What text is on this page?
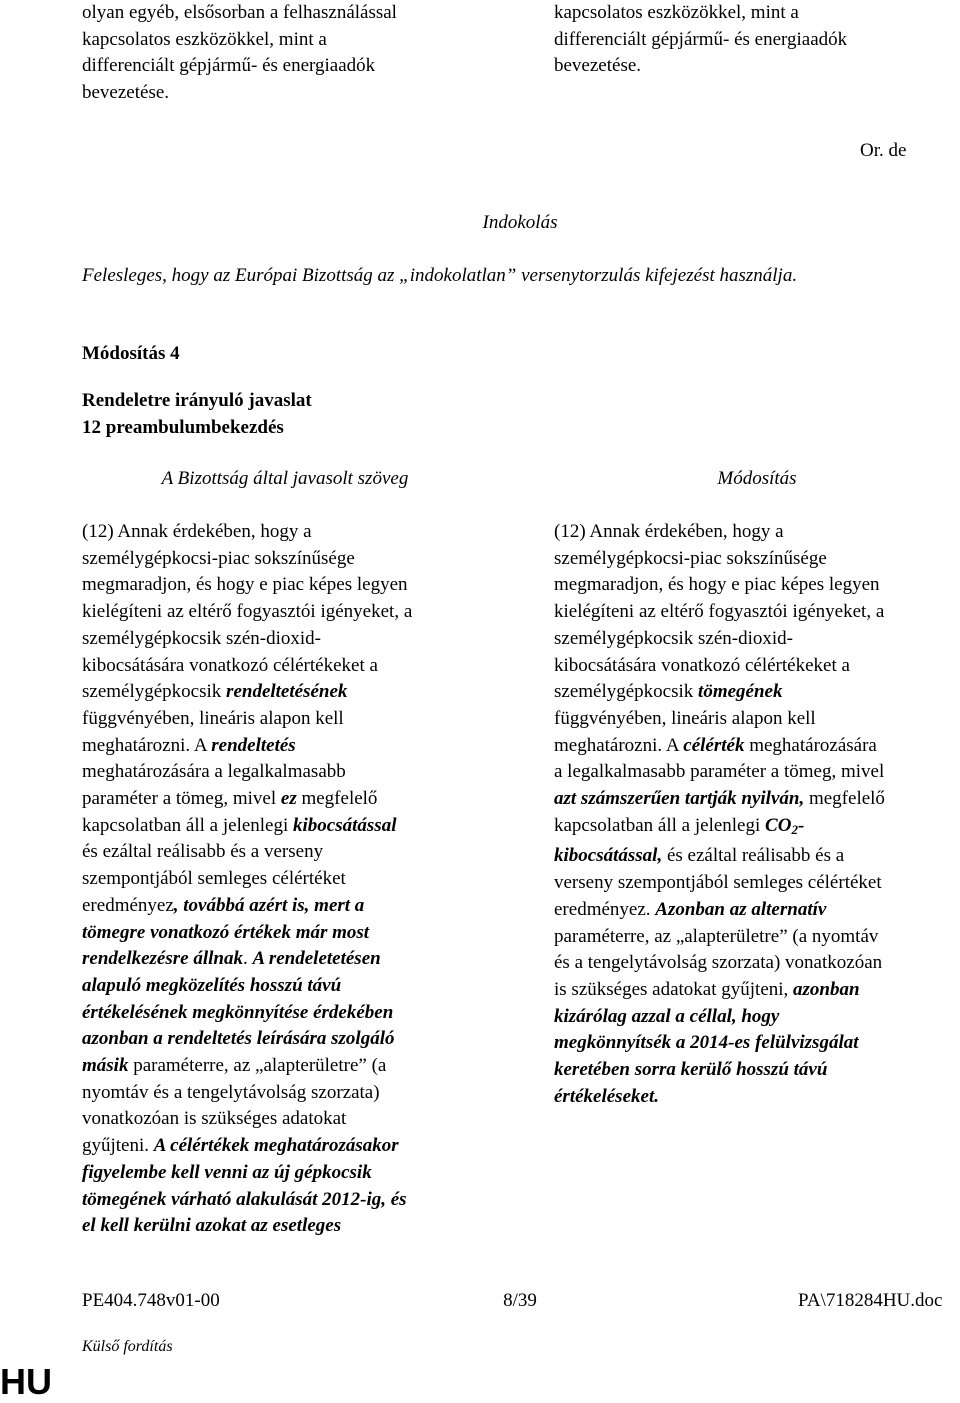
olyan egyéb, elsősorban a felhasználással
kapcsolatos eszközökkel, mint a
differenciált gépjármű- és energiaadók
bevezetése.
kapcsolatos eszközökkel, mint a
differenciált gépjármű- és energiaadók
bevezetése.
Or. de
Indokolás
Felesleges, hogy az Európai Bizottság az „indokolatlan” versenytorzulás kifejezést használja.
Módosítás 4
Rendeletre irányuló javaslat
12 preambulumbekezdés
A Bizottság által javasolt szöveg	Módosítás
(12) Annak érdekében, hogy a
személygépkocsi-piac sokszínűsége
megmaradjon, és hogy e piac képes legyen
kielégíteni az eltérő fogyasztói igényeket, a
személygépkocsik szén-dioxid-
kibocsátására vonatkozó célértékeket a
személygépkocsik rendeltetésének
függvényében, lineáris alapon kell
meghatározni. A rendeltetés
meghatározására a legalkalmasabb
paraméter a tömeg, mivel ez megfelelő
kapcsolatban áll a jelenlegi kibocsátással
és ezáltal reálisabb és a verseny
szempontjából semleges célértéket
eredményez, továbbá azért is, mert a
tömegre vonatkozó értékek már most
rendelkezésre állnak. A rendeletetésen
alapuló megközelítés hosszú távú
értékelésének megkönnyítése érdekében
azonban a rendeltetés leírására szolgáló
másik paraméterre, az „alapterületre” (a
nyomtáv és a tengelytávolság szorzata)
vonatkozóan is szükséges adatokat
gyűjteni. A célértékek meghatározásakor
figyelembe kell venni az új gépkocsik
tömegének várható alakulását 2012-ig, és
el kell kerülni azokat az esetleges
(12) Annak érdekében, hogy a
személygépkocsi-piac sokszínűsége
megmaradjon, és hogy e piac képes legyen
kielégíteni az eltérő fogyasztói igényeket, a
személygépkocsik szén-dioxid-
kibocsátására vonatkozó célértékeket a
személygépkocsik tömegének
függvényében, lineáris alapon kell
meghatározni. A célérték meghatározására
a legalkalmasabb paraméter a tömeg, mivel
azt számszerűen tartják nyilván, megfelelő
kapcsolatban áll a jelenlegi $CO_2-$
kibocsátással, és ezáltal reálisabb és a
verseny szempontjából semleges célértéket
eredményez. Azonban az alternatív
paraméterre, az „alapterületre” (a nyomtáv
és a tengelytávolság szorzata) vonatkozóan
is szükséges adatokat gyűjteni, azonban
kizárólag azzal a céllal, hogy
megkönnyítsék a 2014-es felülvizsgálat
keretében sorra kerülő hosszú távú
értékeléseket.
PE404.748v01-00	8/39	PA\718284HU.doc
Külső fordítás
HU
